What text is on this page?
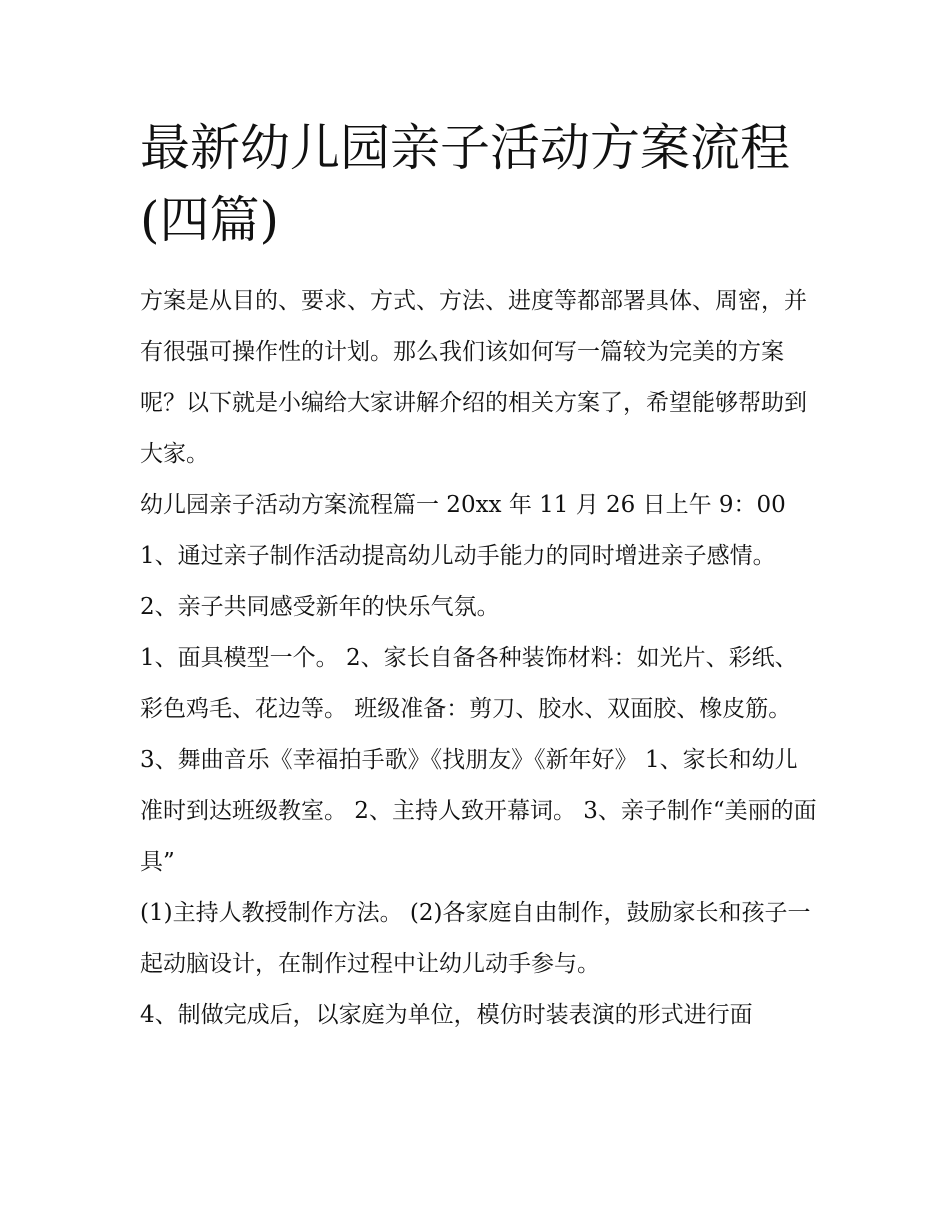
最新幼儿园亲子活动方案流程
(四篇)

方案是从目的、要求、方式、方法、进度等都部署具体、周密，并有很强可操作性的计划。那么我们该如何写一篇较为完美的方案呢？以下就是小编给大家讲解介绍的相关方案了，希望能够帮助到大家。

幼儿园亲子活动方案流程篇一 20xx 年 11 月 26 日上午 9：00

1、通过亲子制作活动提高幼儿动手能力的同时增进亲子感情。 2、亲子共同感受新年的快乐气氛。

1、面具模型一个。 2、家长自备各种装饰材料：如光片、彩纸、彩色鸡毛、花边等。 班级准备：剪刀、胶水、双面胶、橡皮筋。

3、舞曲音乐《幸福拍手歌》《找朋友》《新年好》 1、家长和幼儿准时到达班级教室。 2、主持人致开幕词。 3、亲子制作“美丽的面具”

(1)主持人教授制作方法。 (2)各家庭自由制作，鼓励家长和孩子一起动脑设计，在制作过程中让幼儿动手参与。

4、制做完成后，以家庭为单位，模仿时装表演的形式进行面
